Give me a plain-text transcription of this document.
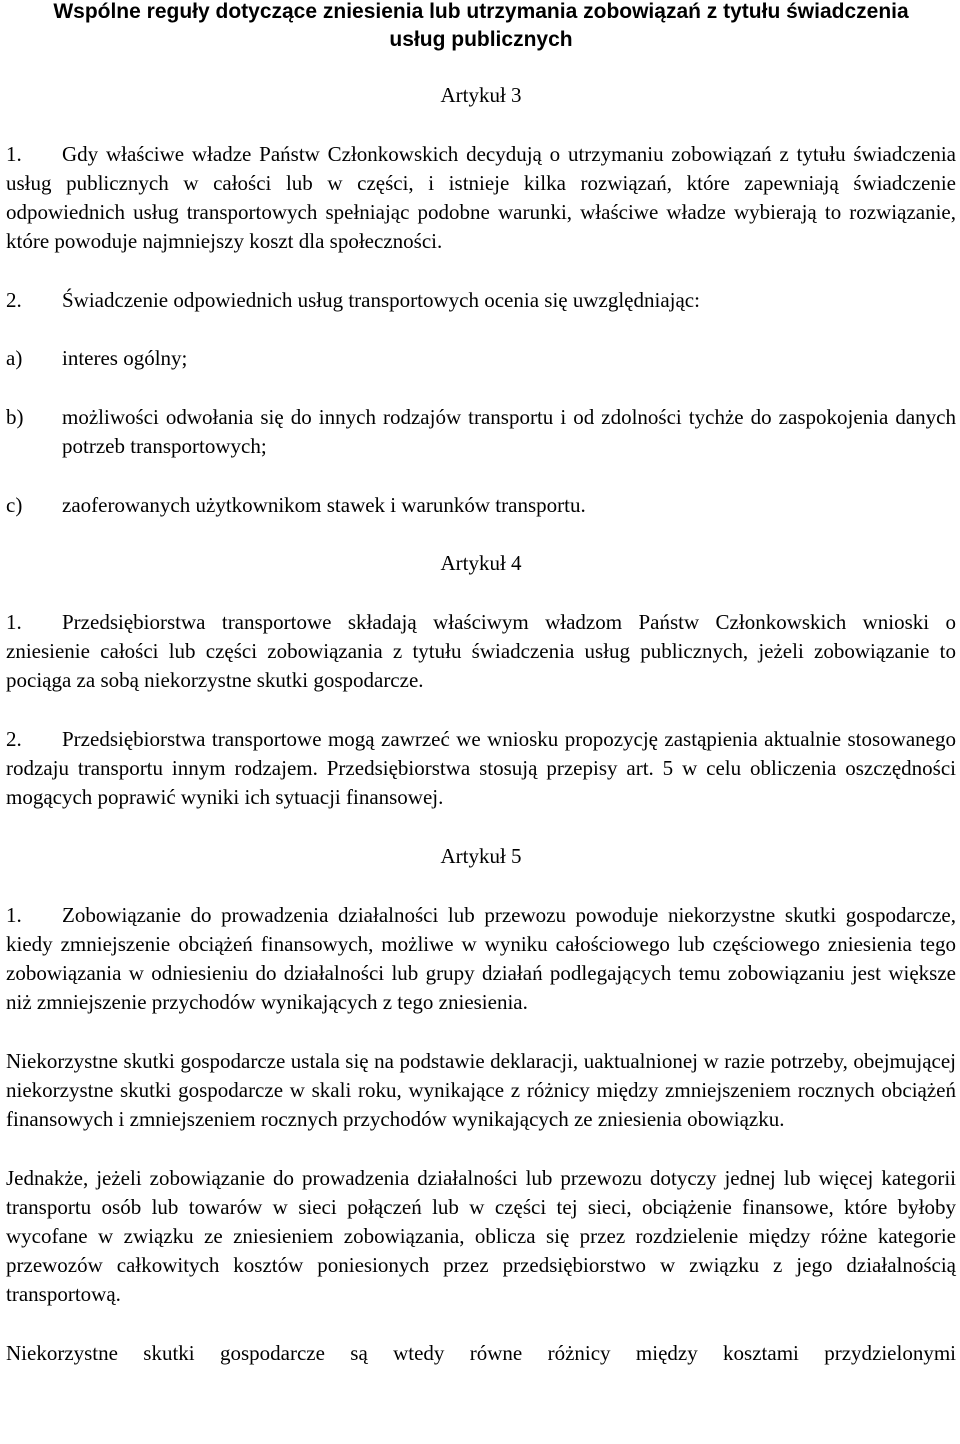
Wspólne reguły dotyczące zniesienia lub utrzymania zobowiązań z tytułu świadczenia
usług publicznych
Artykuł 3

1. Gdy właściwe władze Państw Członkowskich decydują o utrzymaniu zobowiązań z tytułu świadczenia usług publicznych w całości lub w części, i istnieje kilka rozwiązań, które zapewniają świadczenie odpowiednich usług transportowych spełniając podobne warunki, właściwe władze wybierają to rozwiązanie, które powoduje najmniejszy koszt dla społeczności.

2. Świadczenie odpowiednich usług transportowych ocenia się uwzględniając:

a)	interes ogólny;
b)	możliwości odwołania się do innych rodzajów transportu i od zdolności tychże do zaspokojenia danych potrzeb transportowych;
c)	zaoferowanych użytkownikom stawek i warunków transportu.
Artykuł 4

1. Przedsiębiorstwa transportowe składają właściwym władzom Państw Członkowskich wnioski o zniesienie całości lub części zobowiązania z tytułu świadczenia usług publicznych, jeżeli zobowiązanie to pociąga za sobą niekorzystne skutki gospodarcze.

2. Przedsiębiorstwa transportowe mogą zawrzeć we wniosku propozycję zastąpienia aktualnie stosowanego rodzaju transportu innym rodzajem. Przedsiębiorstwa stosują przepisy art. 5 w celu obliczenia oszczędności mogących poprawić wyniki ich sytuacji finansowej.

Artykuł 5

1. Zobowiązanie do prowadzenia działalności lub przewozu powoduje niekorzystne skutki gospodarcze, kiedy zmniejszenie obciążeń finansowych, możliwe w wyniku całościowego lub częściowego zniesienia tego zobowiązania w odniesieniu do działalności lub grupy działań podlegających temu zobowiązaniu jest większe niż zmniejszenie przychodów wynikających z tego zniesienia.

Niekorzystne skutki gospodarcze ustala się na podstawie deklaracji, uaktualnionej w razie potrzeby, obejmującej niekorzystne skutki gospodarcze w skali roku, wynikające z różnicy między zmniejszeniem rocznych obciążeń finansowych i zmniejszeniem rocznych przychodów wynikających ze zniesienia obowiązku.

Jednakże, jeżeli zobowiązanie do prowadzenia działalności lub przewozu dotyczy jednej lub więcej kategorii transportu osób lub towarów w sieci połączeń lub w części tej sieci, obciążenie finansowe, które byłoby wycofane w związku ze zniesieniem zobowiązania, oblicza się przez rozdzielenie między różne kategorie przewozów całkowitych kosztów poniesionych przez przedsiębiorstwo w związku z jego działalnością transportową.

Niekorzystne skutki gospodarcze są wtedy równe różnicy między kosztami przydzielonymi
